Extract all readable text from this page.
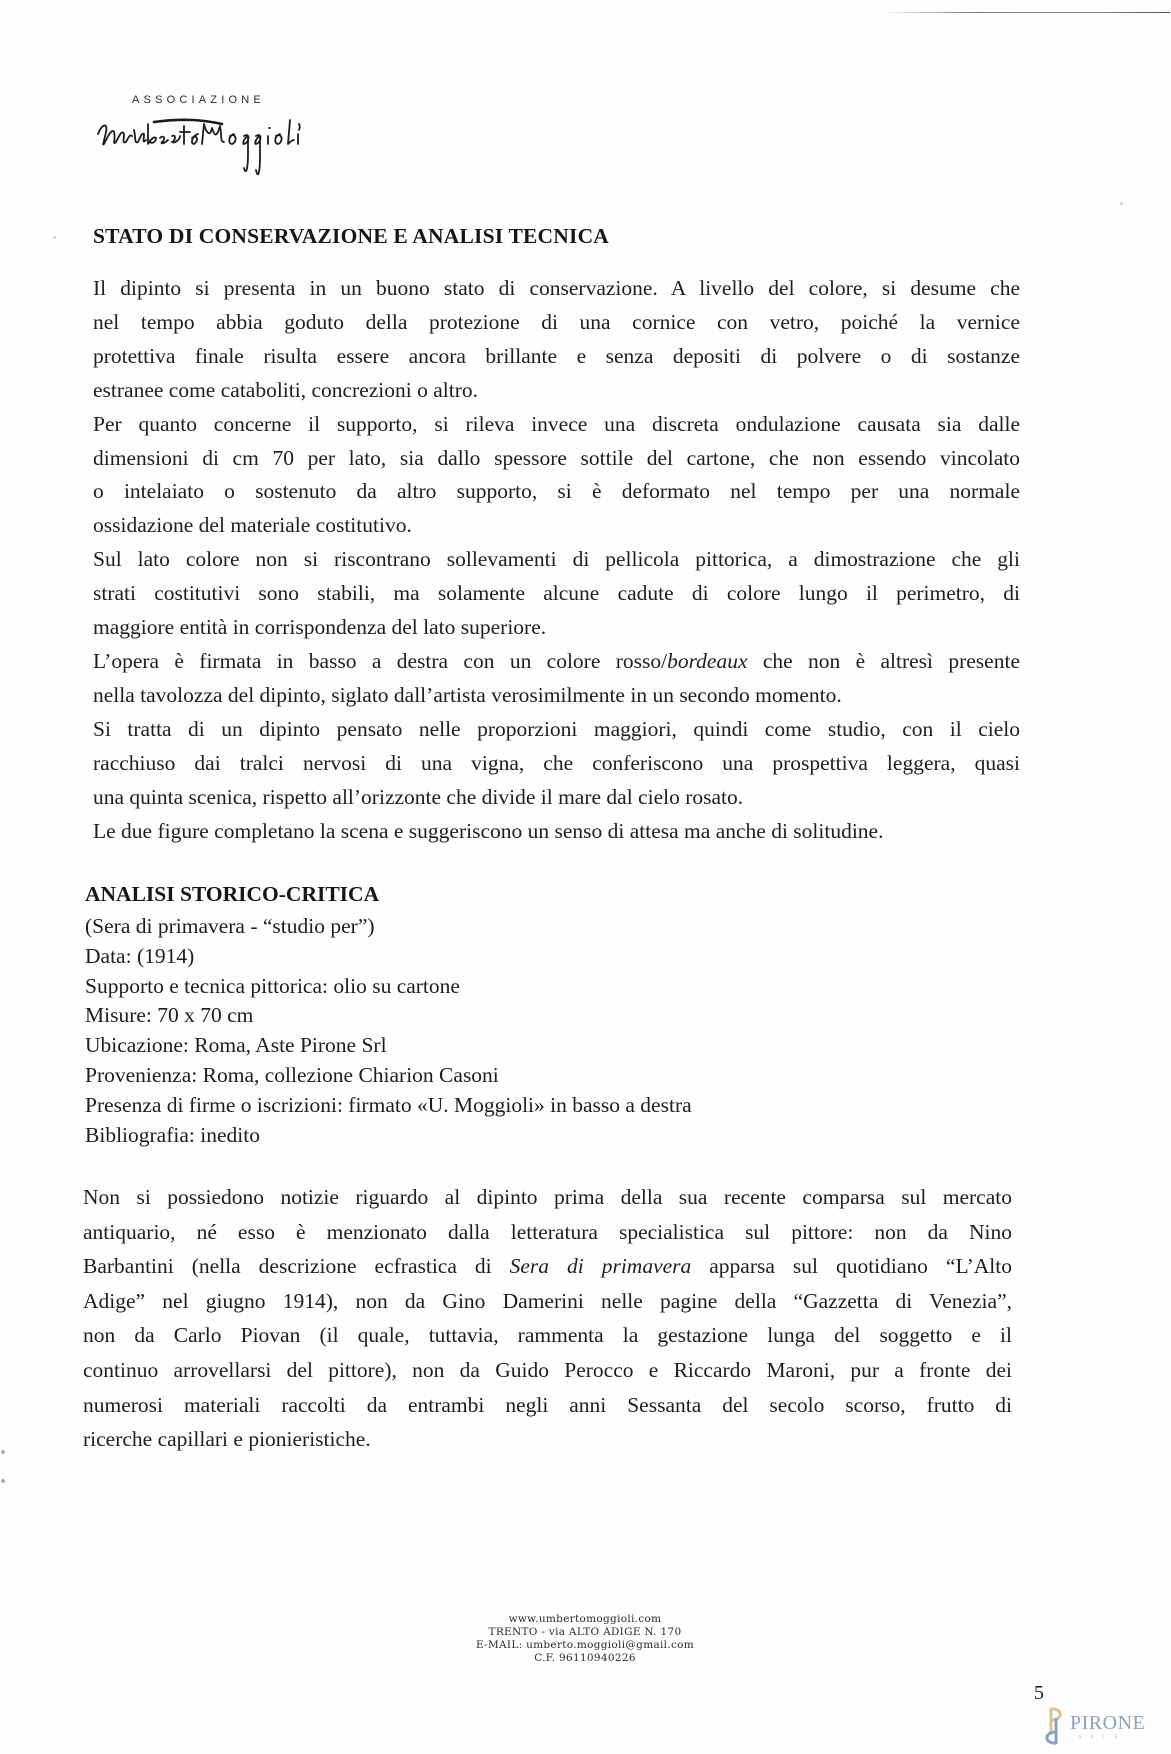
ASSOCIAZIONE
STATO DI CONSERVAZIONE E ANALISI TECNICA
Il dipinto si presenta in un buono stato di conservazione. A livello del colore, si desume che
nel tempo abbia goduto della protezione di una cornice con vetro, poiché la vernice
protettiva finale risulta essere ancora brillante e senza depositi di polvere o di sostanze
estranee come cataboliti, concrezioni o altro.
Per quanto concerne il supporto, si rileva invece una discreta ondulazione causata sia dalle
dimensioni di cm 70 per lato, sia dallo spessore sottile del cartone, che non essendo vincolato
o intelaiato o sostenuto da altro supporto, si è deformato nel tempo per una normale
ossidazione del materiale costitutivo.
Sul lato colore non si riscontrano sollevamenti di pellicola pittorica, a dimostrazione che gli
strati costitutivi sono stabili, ma solamente alcune cadute di colore lungo il perimetro, di
maggiore entità in corrispondenza del lato superiore.
L’opera è firmata in basso a destra con un colore rosso/bordeaux che non è altresì presente
nella tavolozza del dipinto, siglato dall’artista verosimilmente in un secondo momento.
Si tratta di un dipinto pensato nelle proporzioni maggiori, quindi come studio, con il cielo
racchiuso dai tralci nervosi di una vigna, che conferiscono una prospettiva leggera, quasi
una quinta scenica, rispetto all’orizzonte che divide il mare dal cielo rosato.
Le due figure completano la scena e suggeriscono un senso di attesa ma anche di solitudine.
ANALISI STORICO-CRITICA
(Sera di primavera - “studio per”)
Data: (1914)
Supporto e tecnica pittorica: olio su cartone
Misure: 70 x 70 cm
Ubicazione: Roma, Aste Pirone Srl
Provenienza: Roma, collezione Chiarion Casoni
Presenza di firme o iscrizioni: firmato «U. Moggioli» in basso a destra
Bibliografia: inedito
Non si possiedono notizie riguardo al dipinto prima della sua recente comparsa sul mercato
antiquario, né esso è menzionato dalla letteratura specialistica sul pittore: non da Nino
Barbantini (nella descrizione ecfrastica di Sera di primavera apparsa sul quotidiano “L’Alto
Adige” nel giugno 1914), non da Gino Damerini nelle pagine della “Gazzetta di Venezia”,
non da Carlo Piovan (il quale, tuttavia, rammenta la gestazione lunga del soggetto e il
continuo arrovellarsi del pittore), non da Guido Perocco e Riccardo Maroni, pur a fronte dei
numerosi materiali raccolti da entrambi negli anni Sessanta del secolo scorso, frutto di
ricerche capillari e pionieristiche.
www.umbertomoggioli.com
TRENTO - via ALTO ADIGE N. 170
E-MAIL: umberto.moggioli@gmail.com
C.F. 96110940226
5
PIRONE
ASTE
